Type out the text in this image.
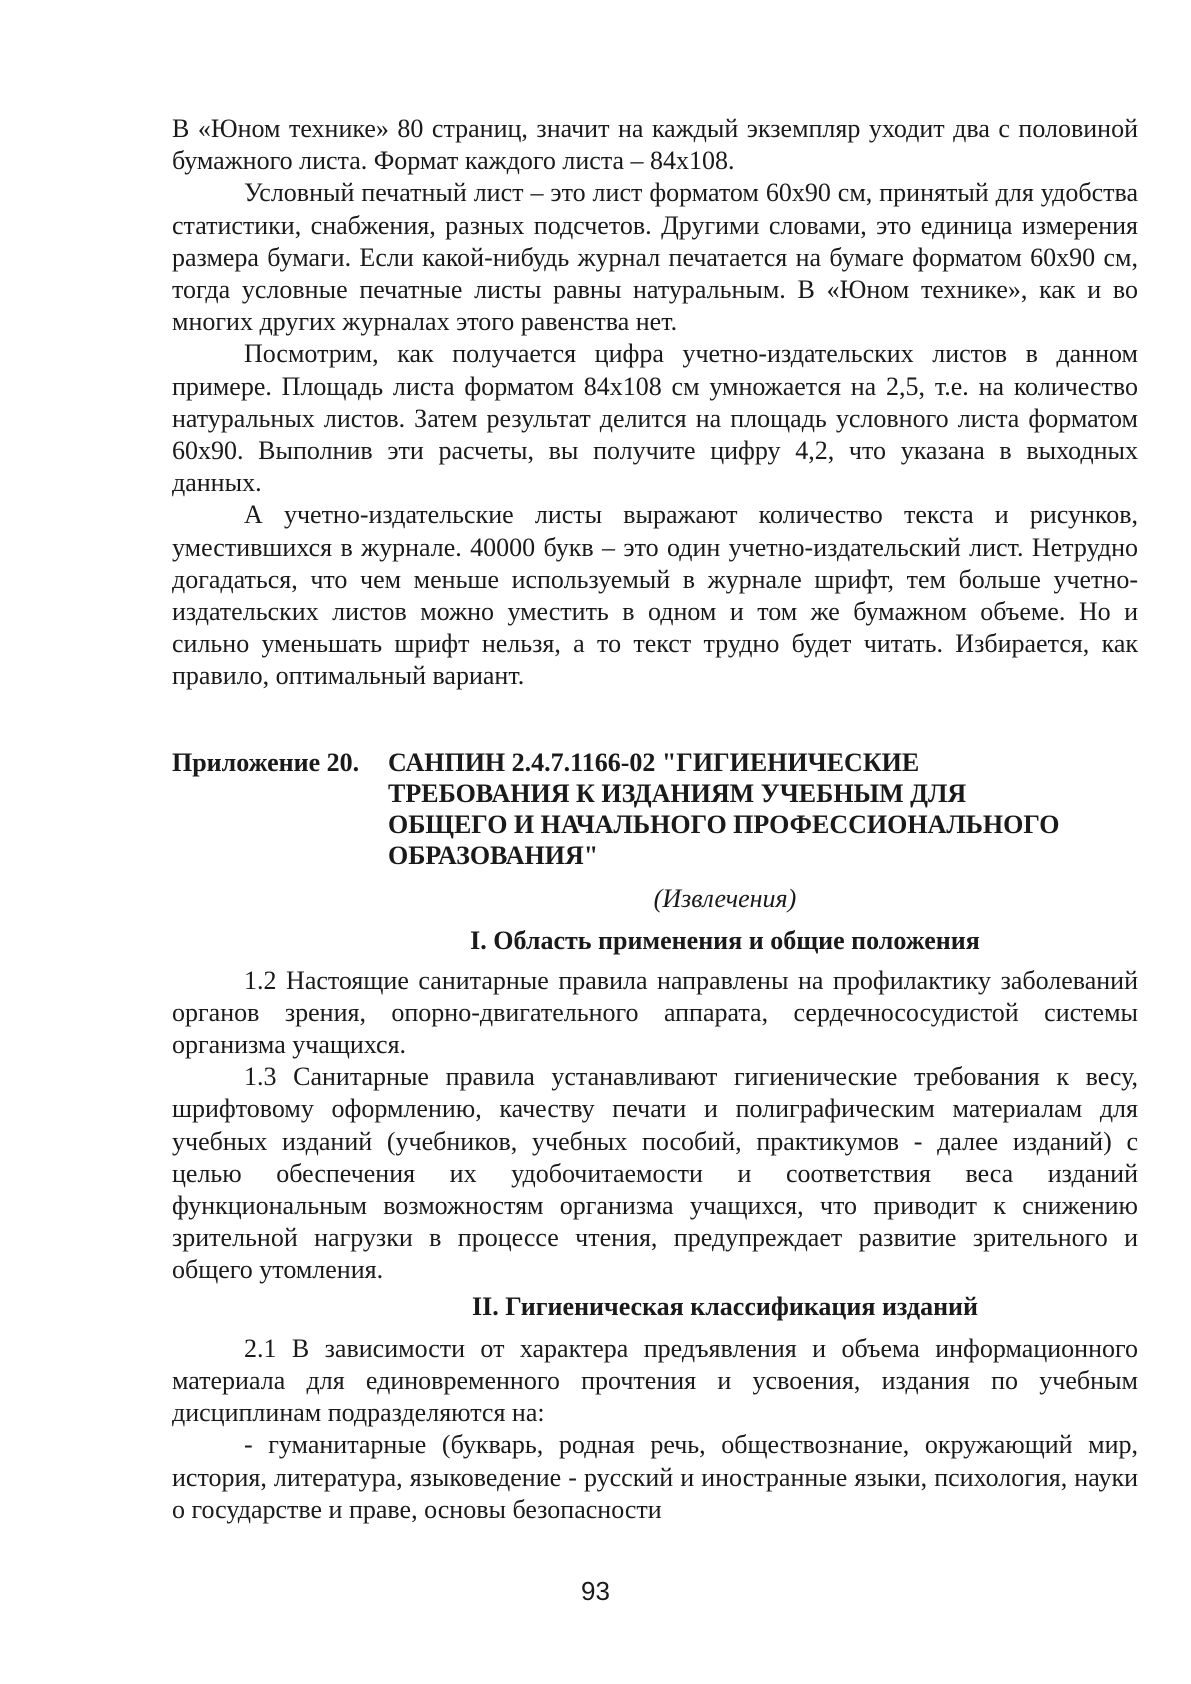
В «Юном технике» 80 страниц, значит на каждый экземпляр уходит два с половиной бумажного листа. Формат каждого листа – 84х108.

Условный печатный лист – это лист форматом 60х90 см, принятый для удобства статистики, снабжения, разных подсчетов. Другими словами, это единица измерения размера бумаги. Если какой-нибудь журнал печатается на бумаге форматом 60х90 см, тогда условные печатные листы равны натуральным. В «Юном технике», как и во многих других журналах этого равенства нет.

Посмотрим, как получается цифра учетно-издательских листов в данном примере. Площадь листа форматом 84х108 см умножается на 2,5, т.е. на количество натуральных листов. Затем результат делится на площадь условного листа форматом 60х90. Выполнив эти расчеты, вы получите цифру 4,2, что указана в выходных данных.

А учетно-издательские листы выражают количество текста и рисунков, уместившихся в журнале. 40000 букв – это один учетно-издательский лист. Нетрудно догадаться, что чем меньше используемый в журнале шрифт, тем больше учетно-издательских листов можно уместить в одном и том же бумажном объеме. Но и сильно уменьшать шрифт нельзя, а то текст трудно будет читать. Избирается, как правило, оптимальный вариант.

Приложение 20. САНПИН 2.4.7.1166-02 "ГИГИЕНИЧЕСКИЕ
ТРЕБОВАНИЯ К ИЗДАНИЯМ УЧЕБНЫМ ДЛЯ
ОБЩЕГО И НАЧАЛЬНОГО ПРОФЕССИОНАЛЬНОГО
ОБРАЗОВАНИЯ"
(Извлечения)
I. Область применения и общие положения

1.2 Настоящие санитарные правила направлены на профилактику заболеваний органов зрения, опорно-двигательного аппарата, сердечнососудистой системы организма учащихся.

1.3 Санитарные правила устанавливают гигиенические требования к весу, шрифтовому оформлению, качеству печати и полиграфическим материалам для учебных изданий (учебников, учебных пособий, практикумов - далее изданий) с целью обеспечения их удобочитаемости и соответствия веса изданий функциональным возможностям организма учащихся, что приводит к снижению зрительной нагрузки в процессе чтения, предупреждает развитие зрительного и общего утомления.

II. Гигиеническая классификация изданий

2.1 В зависимости от характера предъявления и объема информационного материала для единовременного прочтения и усвоения, издания по учебным дисциплинам подразделяются на:

- гуманитарные (букварь, родная речь, обществознание, окружающий мир, история, литература, языковедение - русский и иностранные языки, психология, науки о государстве и праве, основы безопасности

93
